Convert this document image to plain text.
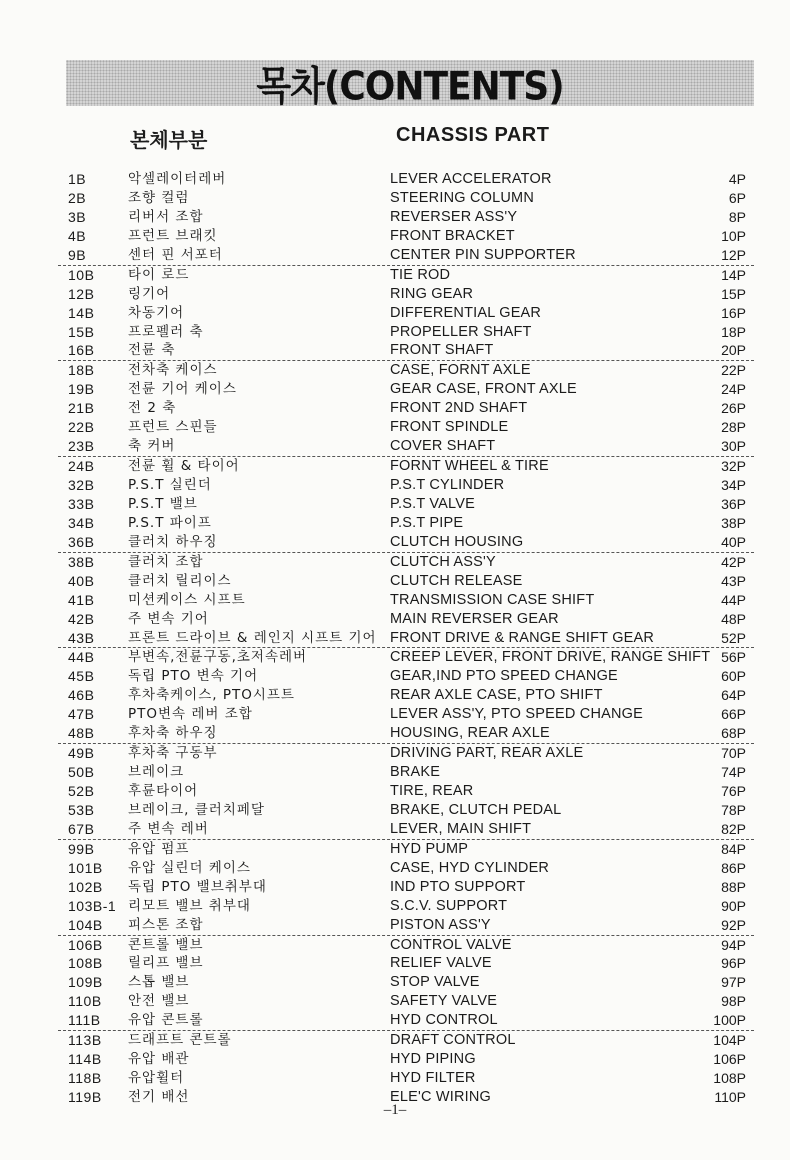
목차(CONTENTS)
본체부분	CHASSIS PART
1B	악셀레이터레버	LEVER ACCELERATOR	4P
2B	조향 컬럼	STEERING COLUMN	6P
3B	리버서 조합	REVERSER ASS'Y	8P
4B	프런트 브래킷	FRONT BRACKET	10P
9B	센터 핀 서포터	CENTER PIN SUPPORTER	12P
10B 타이 로드	TIE ROD	14P
12B 링기어	RING GEAR	15P
14B 차동기어	DIFFERENTIAL GEAR	16P
15B 프로펠러 축	PROPELLER SHAFT	18P
16B 전륜 축	FRONT SHAFT	20P
18B 전차축 케이스	CASE, FORNT AXLE	22P
19B 전륜 기어 케이스	GEAR CASE, FRONT AXLE	24P
21B 전 2 축	FRONT 2ND SHAFT	26P
22B 프런트 스핀들	FRONT SPINDLE	28P
23B 축 커버	COVER SHAFT	30P
24B 전륜 휠 & 타이어	FORNT WHEEL & TIRE	32P
32B P.S.T 실린더	P.S.T CYLINDER	34P
33B P.S.T 밸브	P.S.T VALVE	36P
34B P.S.T 파이프	P.S.T PIPE	38P
36B 클러치 하우징	CLUTCH HOUSING	40P
38B 클러치 조합	CLUTCH ASS'Y	42P
40B 클러치 릴리이스	CLUTCH RELEASE	43P
41B 미션케이스 시프트	TRANSMISSION CASE SHIFT	44P
42B 주 변속 기어	MAIN REVERSER GEAR	48P
43B 프론트 드라이브 & 레인지 시프트 기어 FRONT DRIVE & RANGE SHIFT GEAR	52P
44B 부변속,전륜구동,초저속레버	CREEP LEVER, FRONT DRIVE, RANGE SHIFT 56P
45B 독립 PTO 변속 기어	GEAR,IND PTO SPEED CHANGE	60P
46B 후차축케이스, PTO시프트	REAR AXLE CASE, PTO SHIFT	64P
47B PTO변속 레버 조합	LEVER ASS'Y, PTO SPEED CHANGE	66P
48B 후차축 하우징	HOUSING, REAR AXLE	68P
49B 후차축 구동부	DRIVING PART, REAR AXLE	70P
50B 브레이크	BRAKE	74P
52B 후륜타이어	TIRE, REAR	76P
53B 브레이크, 클러치페달	BRAKE, CLUTCH PEDAL	78P
67B 주 변속 레버	LEVER, MAIN SHIFT	82P
99B 유압 펌프	HYD PUMP	84P
101B 유압 실린더 케이스	CASE, HYD CYLINDER	86P
102B 독립 PTO 밸브취부대	IND PTO SUPPORT	88P
103B-1 리모트 밸브 취부대	S.C.V. SUPPORT	90P
104B 피스톤 조합	PISTON ASS'Y	92P
106B 콘트롤 밸브	CONTROL VALVE	94P
108B 릴리프 밸브	RELIEF VALVE	96P
109B 스톱 밸브	STOP VALVE	97P
110B 안전 밸브	SAFETY VALVE	98P
111B 유압 콘트롤	HYD CONTROL	100P
113B 드래프트 콘트롤	DRAFT CONTROL	104P
114B 유압 배관	HYD PIPING	106P
118B 유압휠터	HYD FILTER	108P
119B 전기 배선	ELE'C WIRING	110P
–1–
